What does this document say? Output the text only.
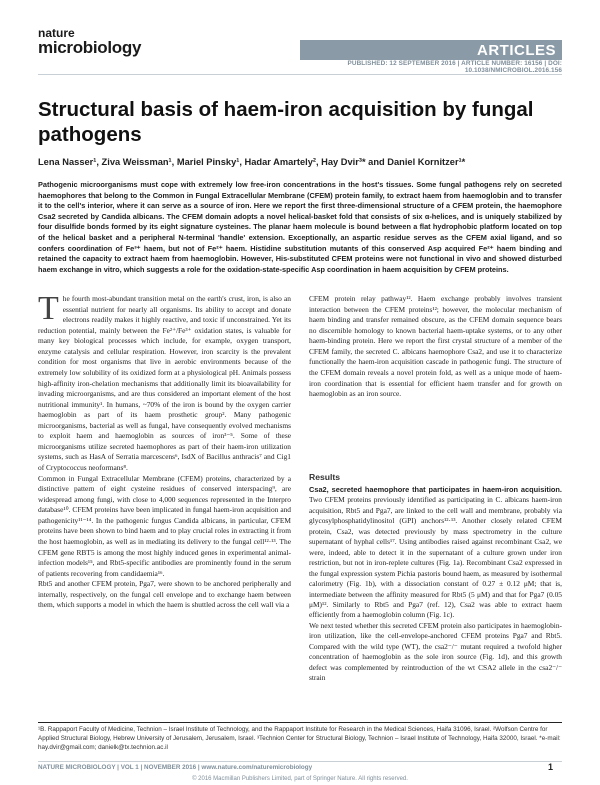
nature
microbiology	ARTICLES
PUBLISHED: 12 SEPTEMBER 2016 | ARTICLE NUMBER: 16156 | DOI: 10.1038/NMICROBIOL.2016.156
Structural basis of haem-iron acquisition by fungal pathogens
Lena Nasser¹, Ziva Weissman¹, Mariel Pinsky¹, Hadar Amartely², Hay Dvir³* and Daniel Kornitzer¹*
Pathogenic microorganisms must cope with extremely low free-iron concentrations in the host's tissues. Some fungal pathogens rely on secreted haemophores that belong to the Common in Fungal Extracellular Membrane (CFEM) protein family, to extract haem from haemoglobin and to transfer it to the cell's interior, where it can serve as a source of iron. Here we report the first three-dimensional structure of a CFEM protein, the haemophore Csa2 secreted by Candida albicans. The CFEM domain adopts a novel helical-basket fold that consists of six α-helices, and is uniquely stabilized by four disulfide bonds formed by its eight signature cysteines. The planar haem molecule is bound between a flat hydrophobic platform located on top of the helical basket and a peripheral N-terminal 'handle' extension. Exceptionally, an aspartic residue serves as the CFEM axial ligand, and so confers coordination of Fe³⁺ haem, but not of Fe²⁺ haem. Histidine substitution mutants of this conserved Asp acquired Fe²⁺ haem binding and retained the capacity to extract haem from haemoglobin. However, His-substituted CFEM proteins were not functional in vivo and showed disturbed haem exchange in vitro, which suggests a role for the oxidation-state-specific Asp coordination in haem acquisition by CFEM proteins.
The fourth most-abundant transition metal on the earth's crust, iron, is also an essential nutrient for nearly all organisms. Its ability to accept and donate electrons readily makes it highly reactive, and toxic if unconstrained. Yet its reduction potential, mainly between the Fe²⁺/Fe³⁺ oxidation states, is valuable for many key biological processes which include, for example, oxygen transport, enzyme catalysis and cellular respiration. However, iron scarcity is the prevalent condition for most organisms that live in aerobic environments because of the extremely low solubility of its oxidized form at a physiological pH. Animals possess high-affinity iron-chelation mechanisms that additionally limit its bioavailability for invading microorganisms, and are thus considered an important element of the host nutritional immunity¹. In humans, ~70% of the iron is bound by the oxygen carrier haemoglobin as part of its haem prosthetic group². Many pathogenic microorganisms, bacterial as well as fungal, have consequently evolved mechanisms to exploit haem and haemoglobin as sources of iron³⁻⁵. Some of these microorganisms utilize secreted haemophores as part of their haem-iron utilization systems, such as HasA of Serratia marcescens⁶, IsdX of Bacillus anthracis⁷ and Cig1 of Cryptococcus neoformans⁸.
Common in Fungal Extracellular Membrane (CFEM) proteins, characterized by a distinctive pattern of eight cysteine residues of conserved interspacing⁹, are widespread among fungi, with close to 4,000 sequences represented in the Interpro database¹⁰. CFEM proteins have been implicated in fungal haem-iron acquisition and pathogenicity¹¹⁻¹⁴. In the pathogenic fungus Candida albicans, in particular, CFEM proteins have been shown to bind haem and to play crucial roles in extracting it from the host haemoglobin, as well as in mediating its delivery to the fungal cell¹²·¹³. The CFEM gene RBT5 is among the most highly induced genes in experimental animal-infection models¹⁵, and Rbt5-specific antibodies are prominently found in the serum of patients recovering from candidaemia¹⁶.
Rbt5 and another CFEM protein, Pga7, were shown to be anchored peripherally and internally, respectively, on the fungal cell envelope and to exchange haem between them, which supports a model in which the haem is shuttled across the cell wall via a
CFEM protein relay pathway¹². Haem exchange probably involves transient interaction between the CFEM proteins¹²; however, the molecular mechanism of haem binding and transfer remained obscure, as the CFEM domain sequence bears no discernible homology to known bacterial haem-uptake systems, or to any other haem-binding protein. Here we report the first crystal structure of a member of the CFEM family, the secreted C. albicans haemophore Csa2, and use it to characterize functionally the haem-iron acquisition cascade in pathogenic fungi. The structure of the CFEM domain reveals a novel protein fold, as well as a unique mode of haem-iron coordination that is essential for efficient haem transfer and for growth on haemoglobin as an iron source.
Results
Csa2, secreted haemophore that participates in haem-iron acquisition. Two CFEM proteins previously identified as participating in C. albicans haem-iron acquisition, Rbt5 and Pga7, are linked to the cell wall and membrane, probably via glycosylphosphatidylinositol (GPI) anchors¹²·¹³. Another closely related CFEM protein, Csa2, was detected previously by mass spectrometry in the culture supernatant of hyphal cells¹⁷. Using antibodies raised against recombinant Csa2, we were, indeed, able to detect it in the supernatant of a culture grown under iron restriction, but not in iron-replete cultures (Fig. 1a). Recombinant Csa2 expressed in the fungal expression system Pichia pastoris bound haem, as measured by isothermal calorimetry (Fig. 1b), with a dissociation constant of 0.27 ± 0.12 μM; that is, intermediate between the affinity measured for Rbt5 (5 μM) and that for Pga7 (0.05 μM)¹². Similarly to Rbt5 and Pga7 (ref. 12), Csa2 was able to extract haem efficiently from a haemoglobin column (Fig. 1c).
We next tested whether this secreted CFEM protein also participates in haemoglobin-iron utilization, like the cell-envelope-anchored CFEM proteins Pga7 and Rbt5. Compared with the wild type (WT), the csa2⁻/⁻ mutant required a twofold higher concentration of haemoglobin as the sole iron source (Fig. 1d), and this growth defect was complemented by reintroduction of the wt CSA2 allele in the csa2⁻/⁻ strain
¹B. Rappaport Faculty of Medicine, Technion – Israel Institute of Technology, and the Rappaport Institute for Research in the Medical Sciences, Haifa 31096, Israel. ²Wolfson Centre for Applied Structural Biology, Hebrew University of Jerusalem, Jerusalem, Israel. ³Technion Center for Structural Biology, Technion – Israel Institute of Technology, Haifa 32000, Israel. *e-mail: hay.dvir@gmail.com; danielk@tx.technion.ac.il
NATURE MICROBIOLOGY | VOL 1 | NOVEMBER 2016 | www.nature.com/naturemicrobiology	1
© 2016 Macmillan Publishers Limited, part of Springer Nature. All rights reserved.
